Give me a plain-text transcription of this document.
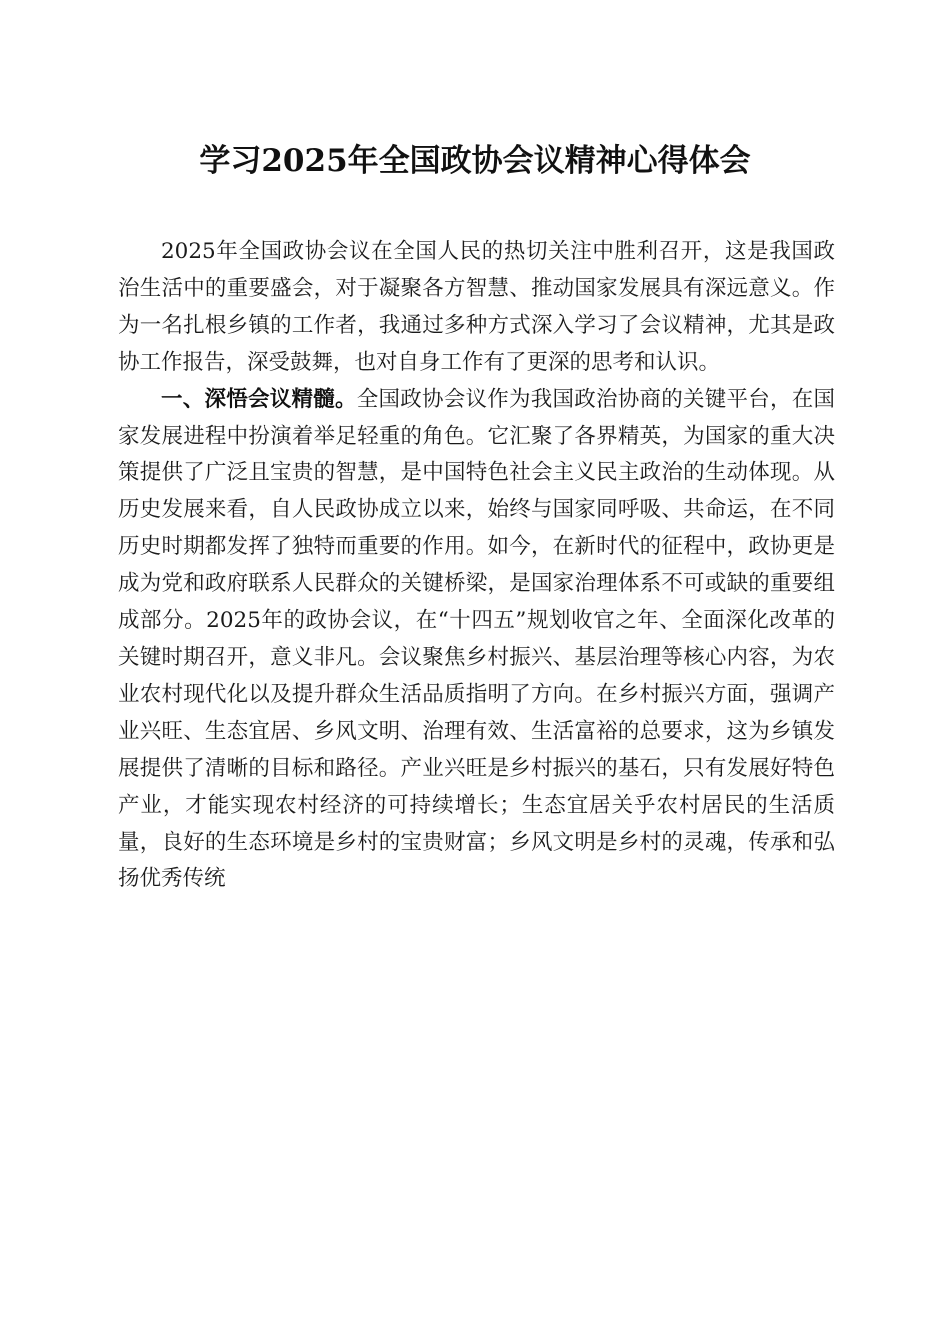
学习2025年全国政协会议精神心得体会

2025年全国政协会议在全国人民的热切关注中胜利召开，这是我国政治生活中的重要盛会，对于凝聚各方智慧、推动国家发展具有深远意义。作为一名扎根乡镇的工作者，我通过多种方式深入学习了会议精神，尤其是政协工作报告，深受鼓舞，也对自身工作有了更深的思考和认识。

一、深悟会议精髓。全国政协会议作为我国政治协商的关键平台，在国家发展进程中扮演着举足轻重的角色。它汇聚了各界精英，为国家的重大决策提供了广泛且宝贵的智慧，是中国特色社会主义民主政治的生动体现。从历史发展来看，自人民政协成立以来，始终与国家同呼吸、共命运，在不同历史时期都发挥了独特而重要的作用。如今，在新时代的征程中，政协更是成为党和政府联系人民群众的关键桥梁，是国家治理体系不可或缺的重要组成部分。2025年的政协会议，在“十四五”规划收官之年、全面深化改革的关键时期召开，意义非凡。会议聚焦乡村振兴、基层治理等核心内容，为农业农村现代化以及提升群众生活品质指明了方向。在乡村振兴方面，强调产业兴旺、生态宜居、乡风文明、治理有效、生活富裕的总要求，这为乡镇发展提供了清晰的目标和路径。产业兴旺是乡村振兴的基石，只有发展好特色产业，才能实现农村经济的可持续增长；生态宜居关乎农村居民的生活质量，良好的生态环境是乡村的宝贵财富；乡风文明是乡村的灵魂，传承和弘扬优秀传统
